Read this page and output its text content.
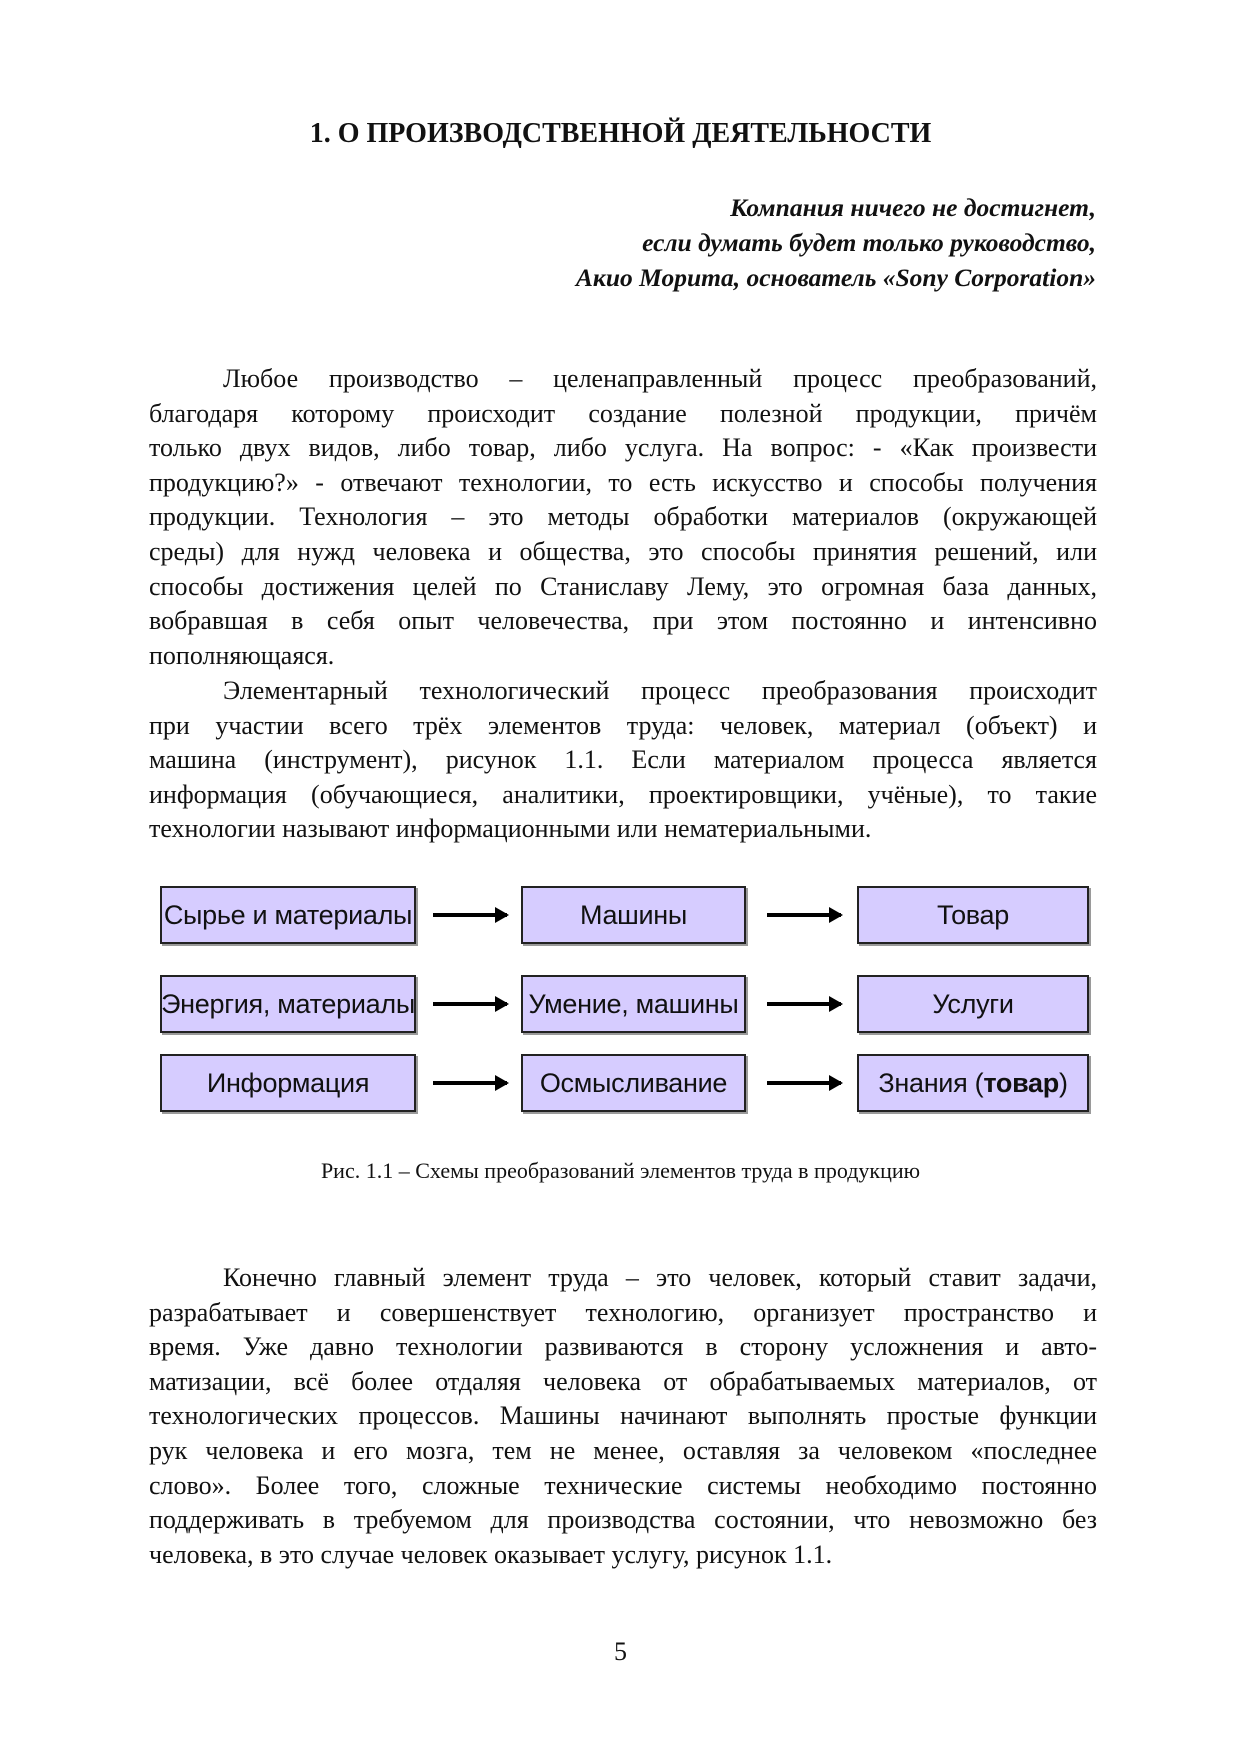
1. О ПРОИЗВОДСТВЕННОЙ ДЕЯТЕЛЬНОСТИ
Компания ничего не достигнет,
если думать будет только руководство,
Акио Морита, основатель «Sony Corporation»
Любое производство – целенаправленный процесс преобразований,
благодаря которому происходит создание полезной продукции, причём
только двух видов, либо товар, либо услуга. На вопрос: - «Как произвести
продукцию?» - отвечают технологии, то есть искусство и способы получения
продукции. Технология – это методы обработки материалов (окружающей
среды) для нужд человека и общества, это способы принятия решений, или
способы достижения целей по Станиславу Лему, это огромная база данных,
вобравшая в себя опыт человечества, при этом постоянно и интенсивно
пополняющаяся.
Элементарный технологический процесс преобразования происходит
при участии всего трёх элементов труда: человек, материал (объект) и
машина (инструмент), рисунок 1.1. Если материалом процесса является
информация (обучающиеся, аналитики, проектировщики, учёные), то такие
технологии называют информационными или нематериальными.
Сырье и материалы	Машины	Товар
Энергия, материалы	Умение, машины	Услуги
Информация	Осмысливание	Знания ( товар )
Рис. 1.1 – Схемы преобразований элементов труда в продукцию
Конечно главный элемент труда – это человек, который ставит задачи,
разрабатывает и совершенствует технологию, организует пространство и
время. Уже давно технологии развиваются в сторону усложнения и авто-
матизации, всё более отдаляя человека от обрабатываемых материалов, от
технологических процессов. Машины начинают выполнять простые функции
рук человека и его мозга, тем не менее, оставляя за человеком «последнее
слово». Более того, сложные технические системы необходимо постоянно
поддерживать в требуемом для производства состоянии, что невозможно без
человека, в это случае человек оказывает услугу, рисунок 1.1.
5
